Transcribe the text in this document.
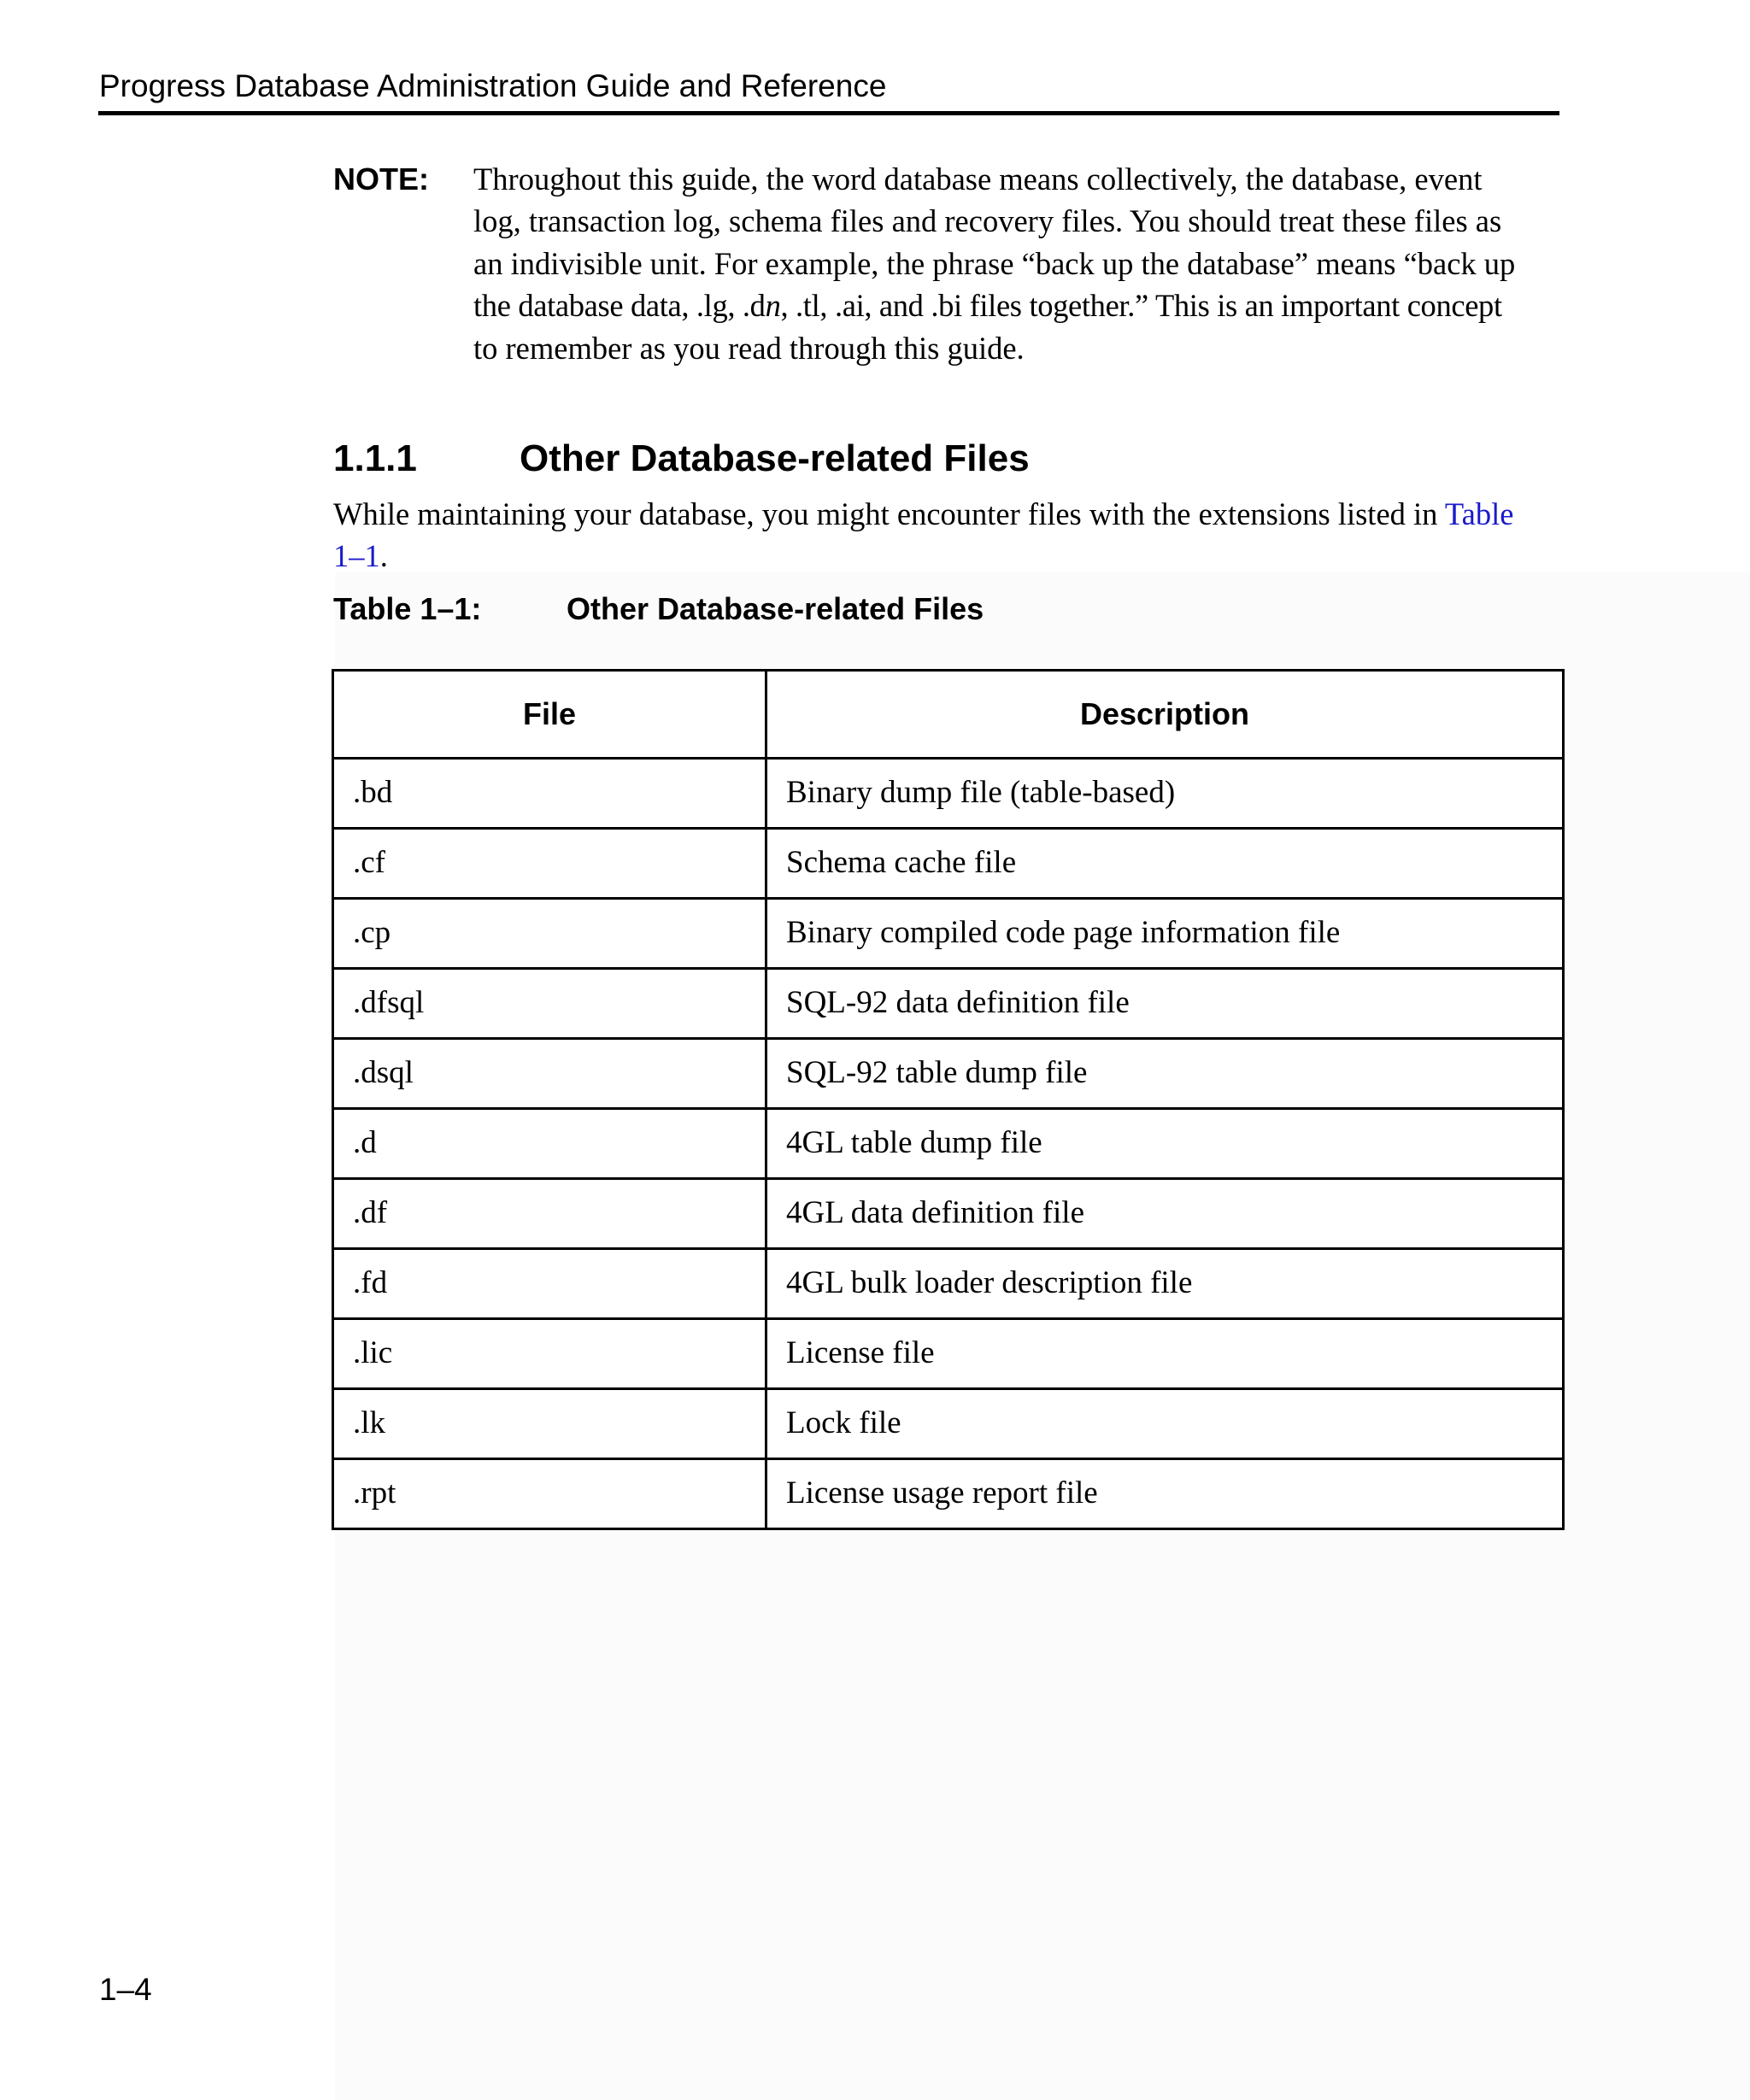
Progress Database Administration Guide and Reference
NOTE: Throughout this guide, the word database means collectively, the database, event
log, transaction log, schema files and recovery files. You should treat these files as
an indivisible unit. For example, the phrase “back up the database” means “back up
the database data, .lg, .dn, .tl, .ai, and .bi files together.” This is an important concept
to remember as you read through this guide.
1.1.1	Other Database-related Files
While maintaining your database, you might encounter files with the extensions listed in Table
1–1.
Table 1–1:	Other Database-related Files
File	Description
.bd	Binary dump file (table-based)
.cf	Schema cache file
.cp	Binary compiled code page information file
.dfsql	SQL-92 data definition file
.dsql	SQL-92 table dump file
.d	4GL table dump file
.df	4GL data definition file
.fd	4GL bulk loader description file
.lic	License file
.lk	Lock file
.rpt	License usage report file
1–4
